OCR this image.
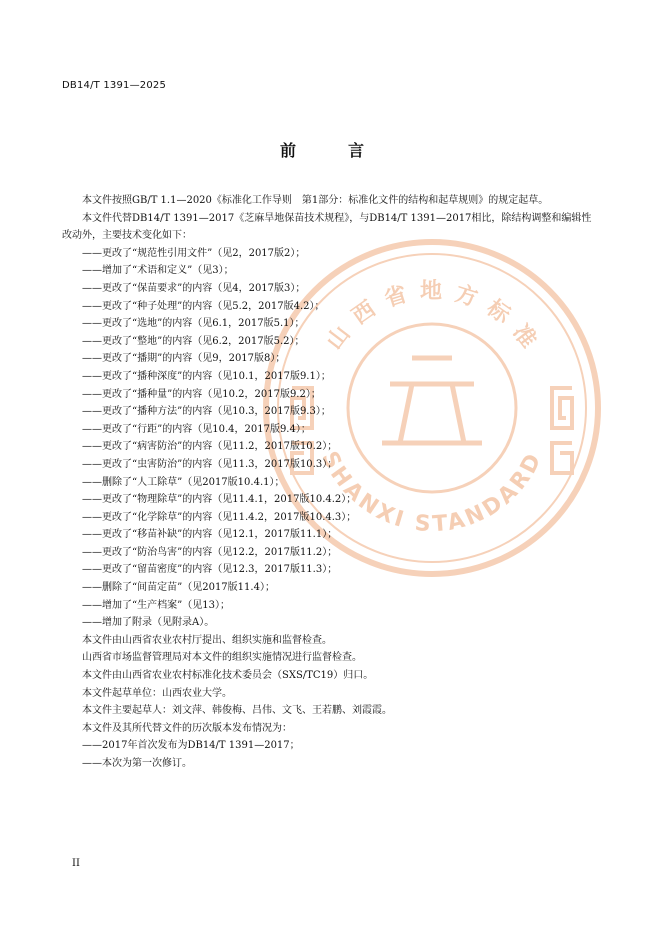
DB14/T 1391—2025
前　言
山 西 省 地 方 标 准
SHANXI STANDARD

本文件按照GB/T 1.1—2020《标准化工作导则　第1部分：标准化文件的结构和起草规则》的规定起草。

本文件代替DB14/T 1391—2017《芝麻旱地保苗技术规程》，与DB14/T 1391—2017相比，除结构调整和编辑性改动外，主要技术变化如下：

——更改了“规范性引用文件”（见2，2017版2）；

——增加了“术语和定义”（见3）；

——更改了“保苗要求”的内容（见4，2017版3）；

——更改了“种子处理”的内容（见5.2，2017版4.2）；

——更改了“选地”的内容（见6.1，2017版5.1）；

——更改了“整地”的内容（见6.2，2017版5.2）；

——更改了“播期”的内容（见9，2017版8）；

——更改了“播种深度”的内容（见10.1，2017版9.1）；

——更改了“播种量”的内容（见10.2，2017版9.2）；

——更改了“播种方法”的内容（见10.3，2017版9.3）；

——更改了“行距”的内容（见10.4，2017版9.4）；

——更改了“病害防治”的内容（见11.2，2017版10.2）；

——更改了“虫害防治”的内容（见11.3，2017版10.3）；

——删除了“人工除草”（见2017版10.4.1）；

——更改了“物理除草”的内容（见11.4.1，2017版10.4.2）；

——更改了“化学除草”的内容（见11.4.2，2017版10.4.3）；

——更改了“移苗补缺”的内容（见12.1，2017版11.1）；

——更改了“防治鸟害”的内容（见12.2，2017版11.2）；

——更改了“留苗密度”的内容（见12.3，2017版11.3）；

——删除了“间苗定苗”（见2017版11.4）；

——增加了“生产档案”（见13）；

——增加了附录（见附录A）。

本文件由山西省农业农村厅提出、组织实施和监督检查。

山西省市场监督管理局对本文件的组织实施情况进行监督检查。

本文件由山西省农业农村标准化技术委员会（SXS/TC19）归口。

本文件起草单位：山西农业大学。

本文件主要起草人：刘文萍、韩俊梅、吕伟、文飞、王若鹏、刘霞霞。

本文件及其所代替文件的历次版本发布情况为：

——2017年首次发布为DB14/T 1391—2017；

——本次为第一次修订。

II
